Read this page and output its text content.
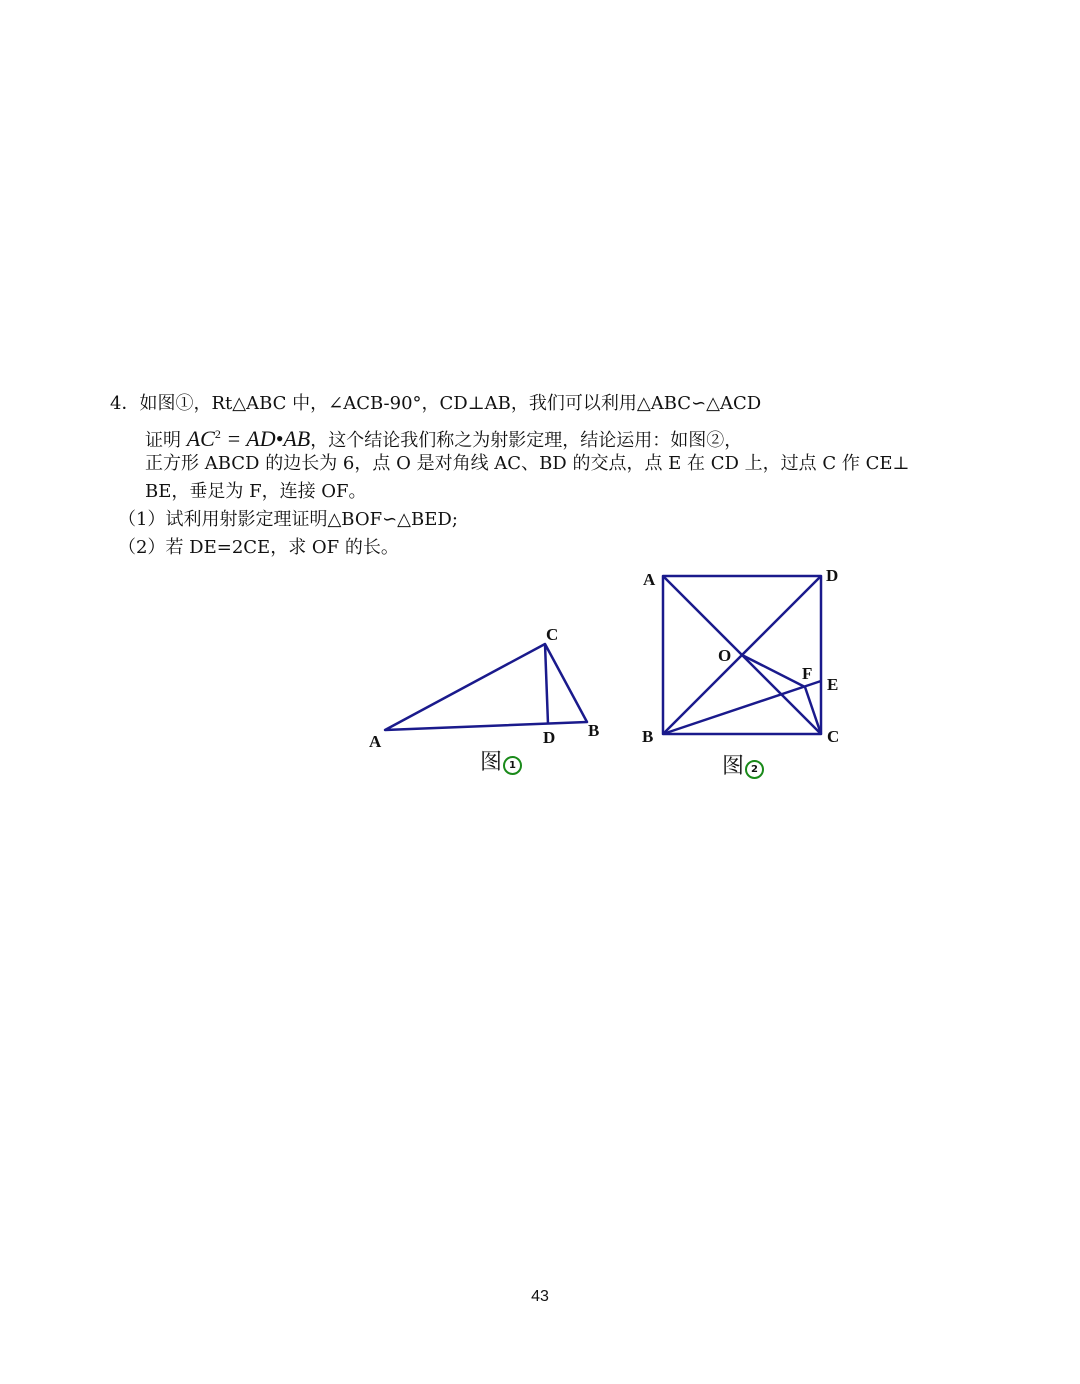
4．如图①，Rt△ABC 中，∠ACB-90°，CD⊥AB，我们可以利用△ABC∽△ACD
证明 $AC^2$ = AD•AB，这个结论我们称之为射影定理，结论运用：如图②，
正方形 ABCD 的边长为 6，点 O 是对角线 AC、BD 的交点，点 E 在 CD 上，过点 C 作 CE⊥
BE，垂足为 F，连接 OF。
（1）试利用射影定理证明△BOF∽△BED;
（2）若 DE=2CE，求 OF 的长。
A
C
D B
图 1
A	D
O
F
E
B	C
图 2
43
